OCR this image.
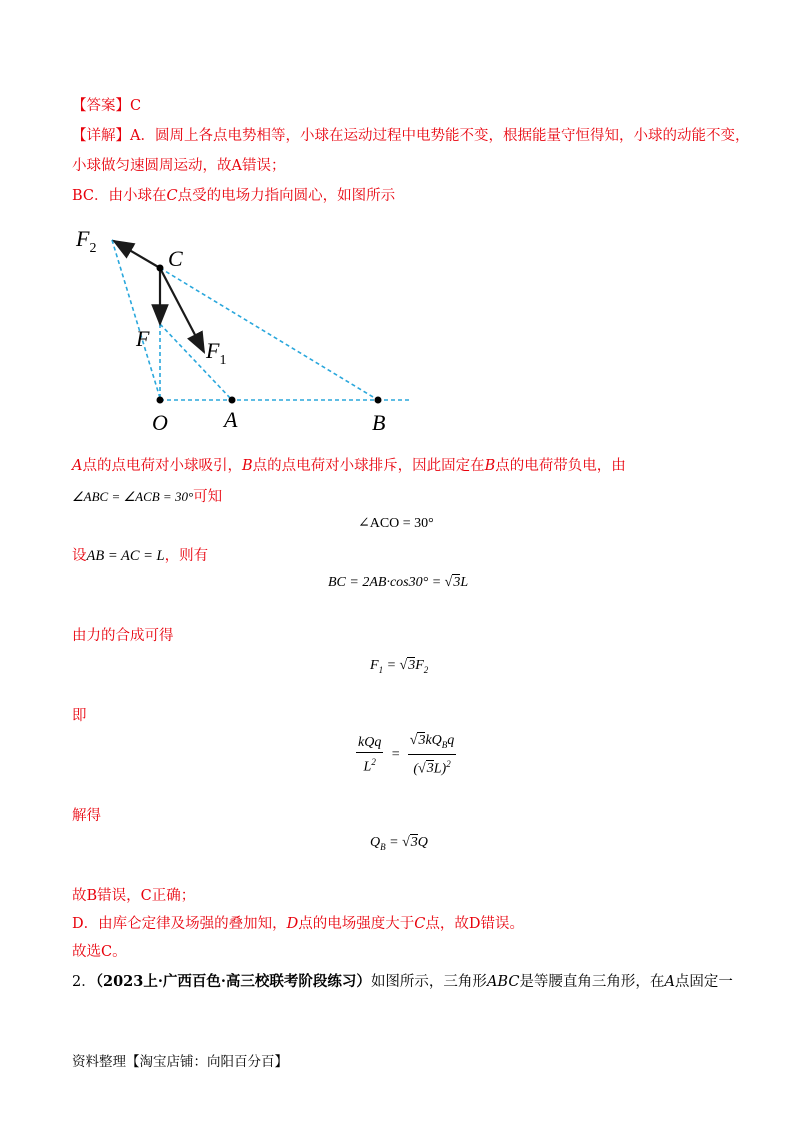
【答案】C
【详解】A．圆周上各点电势相等，小球在运动过程中电势能不变，根据能量守恒得知，小球的动能不变，
小球做匀速圆周运动，故A错误；
BC．由小球在C点受的电场力指向圆心，如图所示
$F_2$	C
F	$F_1$
O	A	B
A点的点电荷对小球吸引，B点的点电荷对小球排斥，因此固定在B点的电荷带负电，由
∠ABC = ∠ACB = 30°可知
∠ACO = 30°
设AB = AC = L，则有
BC = 2AB·cos30° = √3L
由力的合成可得
$F_1 = √3F_2$
即
$\frac{\text{kQq}}{L^2} = \frac{√3kQ_Bq}{(√3L)^2}$
解得
$Q_B = √3Q$
故B错误，C正确；
D．由库仑定律及场强的叠加知，D点的电场强度大于C点，故D错误。
故选C。
2．（2023上·广西百色·高三校联考阶段练习）如图所示，三角形ABC是等腰直角三角形，在A点固定一
资料整理【淘宝店铺：向阳百分百】
